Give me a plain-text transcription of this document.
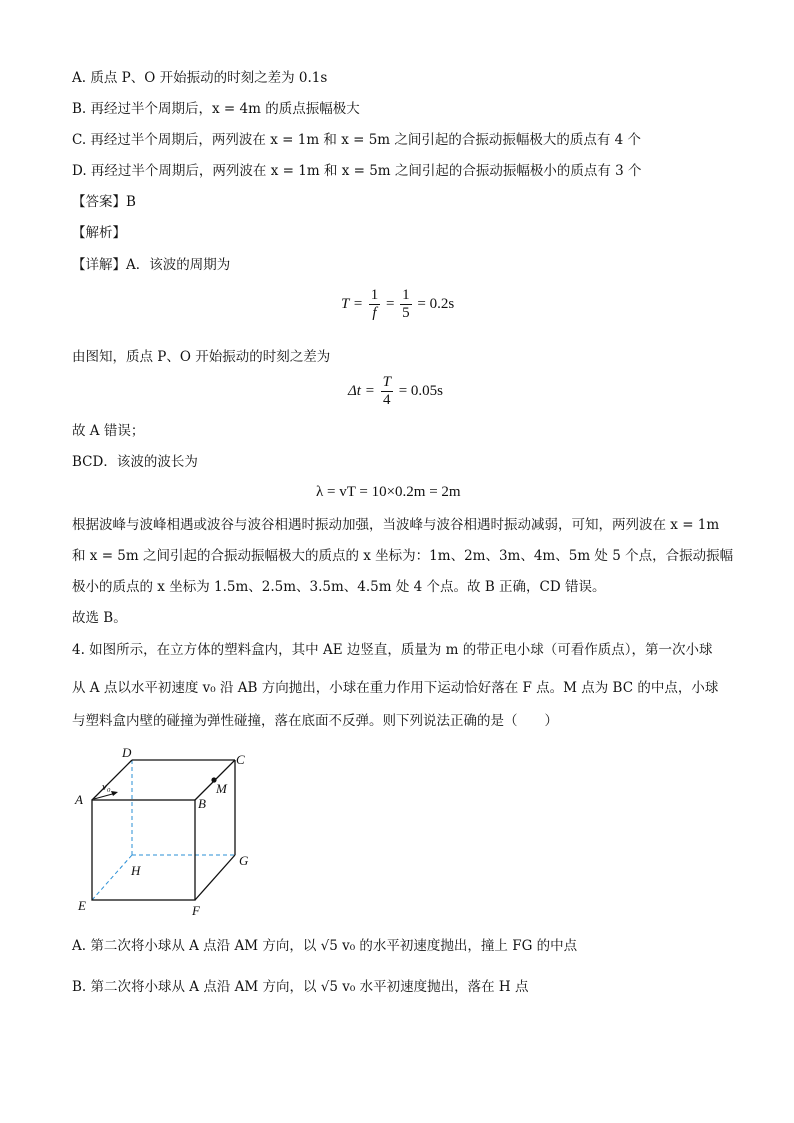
A. 质点 P、O 开始振动的时刻之差为 0.1s
B. 再经过半个周期后，x = 4m 的质点振幅极大
C. 再经过半个周期后，两列波在 x = 1m 和 x = 5m 之间引起的合振动振幅极大的质点有 4 个
D. 再经过半个周期后，两列波在 x = 1m 和 x = 5m 之间引起的合振动振幅极小的质点有 3 个
【答案】B
【解析】
【详解】A．该波的周期为
$T = \frac{1}{f} = \frac{1}{5} = 0.2s$
由图知，质点 P、O 开始振动的时刻之差为
$\Delta t = \frac{T}{4} = 0.05s$
故 A 错误；
BCD．该波的波长为
λ = vT = 10×0.2m = 2m
根据波峰与波峰相遇或波谷与波谷相遇时振动加强，当波峰与波谷相遇时振动减弱，可知，两列波在 x = 1m
和 x = 5m 之间引起的合振动振幅极大的质点的 x 坐标为：1m、2m、3m、4m、5m 处 5 个点，合振动振幅
极小的质点的 x 坐标为 1.5m、2.5m、3.5m、4.5m 处 4 个点。故 B 正确，CD 错误。
故选 B。
4. 如图所示，在立方体的塑料盒内，其中 AE 边竖直，质量为 m 的带正电小球（可看作质点），第一次小球
从 A 点以水平初速度 v₀ 沿 AB 方向抛出，小球在重力作用下运动恰好落在 F 点。M 点为 BC 的中点，小球
与塑料盒内壁的碰撞为弹性碰撞，落在底面不反弹。则下列说法正确的是（　　）
A	B
C
D
E	F
G
H
M
v₀
A. 第二次将小球从 A 点沿 AM 方向，以 √5 v₀ 的水平初速度抛出，撞上 FG 的中点
B. 第二次将小球从 A 点沿 AM 方向，以 √5 v₀ 水平初速度抛出，落在 H 点
